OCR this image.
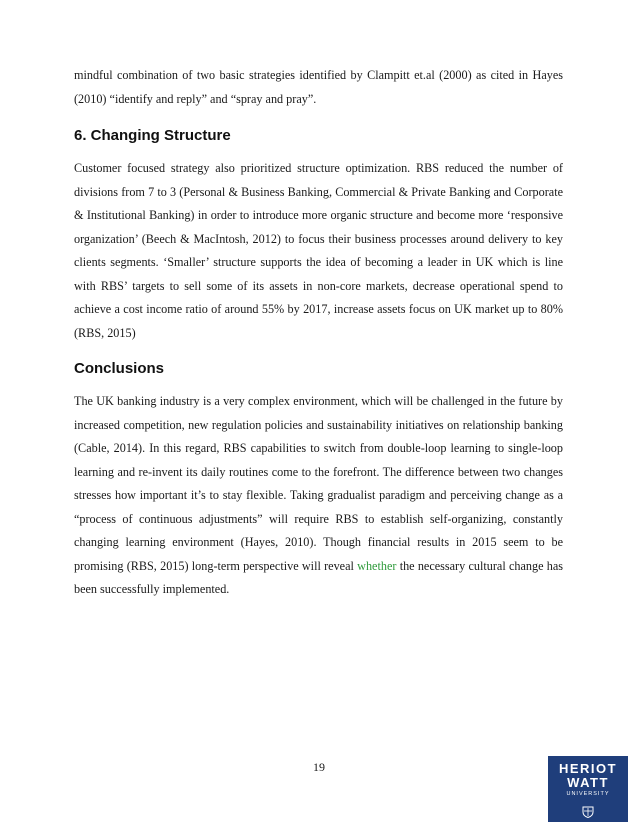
mindful combination of two basic strategies identified by Clampitt et.al (2000) as cited in Hayes (2010) “identify and reply” and “spray and pray”.

6. Changing Structure

Customer focused strategy also prioritized structure optimization. RBS reduced the number of divisions from 7 to 3 (Personal & Business Banking, Commercial & Private Banking and Corporate & Institutional Banking) in order to introduce more organic structure and become more ‘responsive organization’ (Beech & MacIntosh, 2012) to focus their business processes around delivery to key clients segments. ‘Smaller’ structure supports the idea of becoming a leader in UK which is line with RBS’ targets to sell some of its assets in non-core markets, decrease operational spend to achieve a cost income ratio of around 55% by 2017, increase assets focus on UK market up to 80% (RBS, 2015)

Conclusions

The UK banking industry is a very complex environment, which will be challenged in the future by increased competition, new regulation policies and sustainability initiatives on relationship banking (Cable, 2014). In this regard, RBS capabilities to switch from double-loop learning to single-loop learning and re-invent its daily routines come to the forefront. The difference between two changes stresses how important it’s to stay flexible. Taking gradualist paradigm and perceiving change as a “process of continuous adjustments” will require RBS to establish self-organizing, constantly changing learning environment (Hayes, 2010). Though financial results in 2015 seem to be promising (RBS, 2015) long-term perspective will reveal whether the necessary cultural change has been successfully implemented.

19	HERIOT
WATT
UNIVERSITY
